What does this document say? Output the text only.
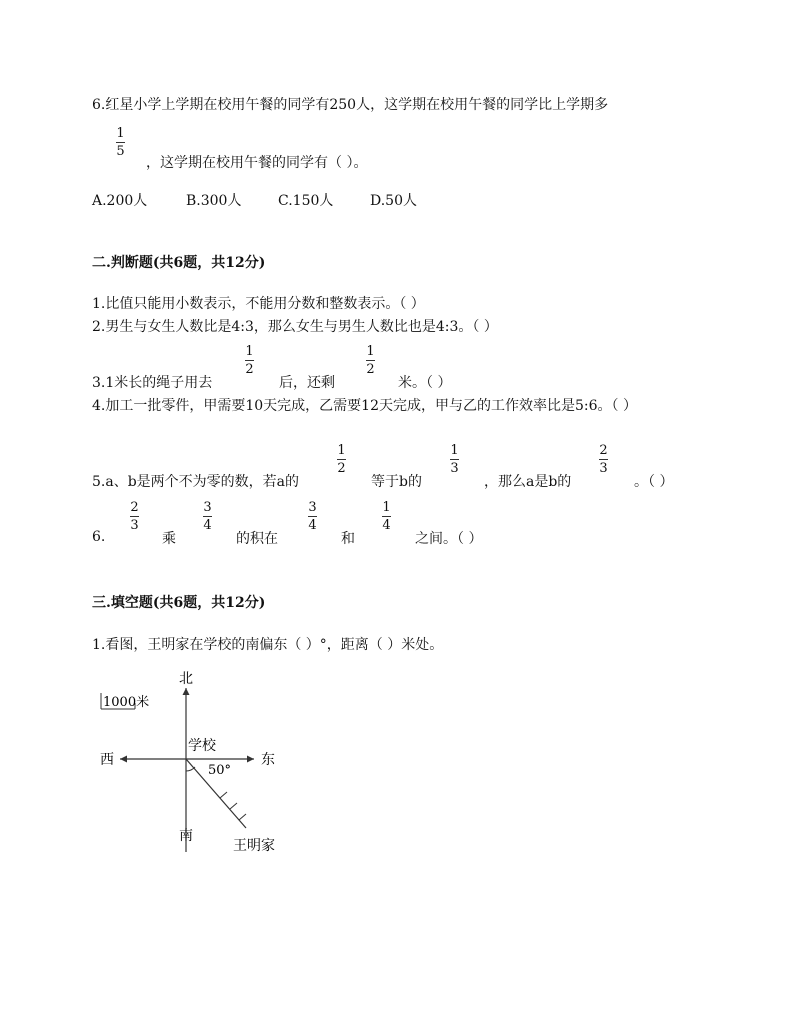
6.红星小学上学期在校用午餐的同学有250人，这学期在校用午餐的同学比上学期多
1
5
，这学期在校用午餐的同学有（ ）。
A.200人	B.300人	C.150人	D.50人
二.判断题(共6题，共12分)
1.比值只能用小数表示，不能用分数和整数表示。（ ）
2.男生与女生人数比是4:3，那么女生与男生人数比也是4:3。（ ）
3.1米长的绳子用去
1
2
后，还剩
1
2
米。（ ）
4.加工一批零件，甲需要10天完成，乙需要12天完成，甲与乙的工作效率比是5:6。（ ）
5.a、b是两个不为零的数，若a的
1
2
等于b的
1
3
，那么a是b的
2
3
。（ ）
6.
2
3
乘
3
4
的积在
3
4
和
1
4
之间。（ ）
三.填空题(共6题，共12分)
1.看图，王明家在学校的南偏东（ ）°，距离（ ）米处。
1000米
北
南
西	东
学校
50°
王明家
